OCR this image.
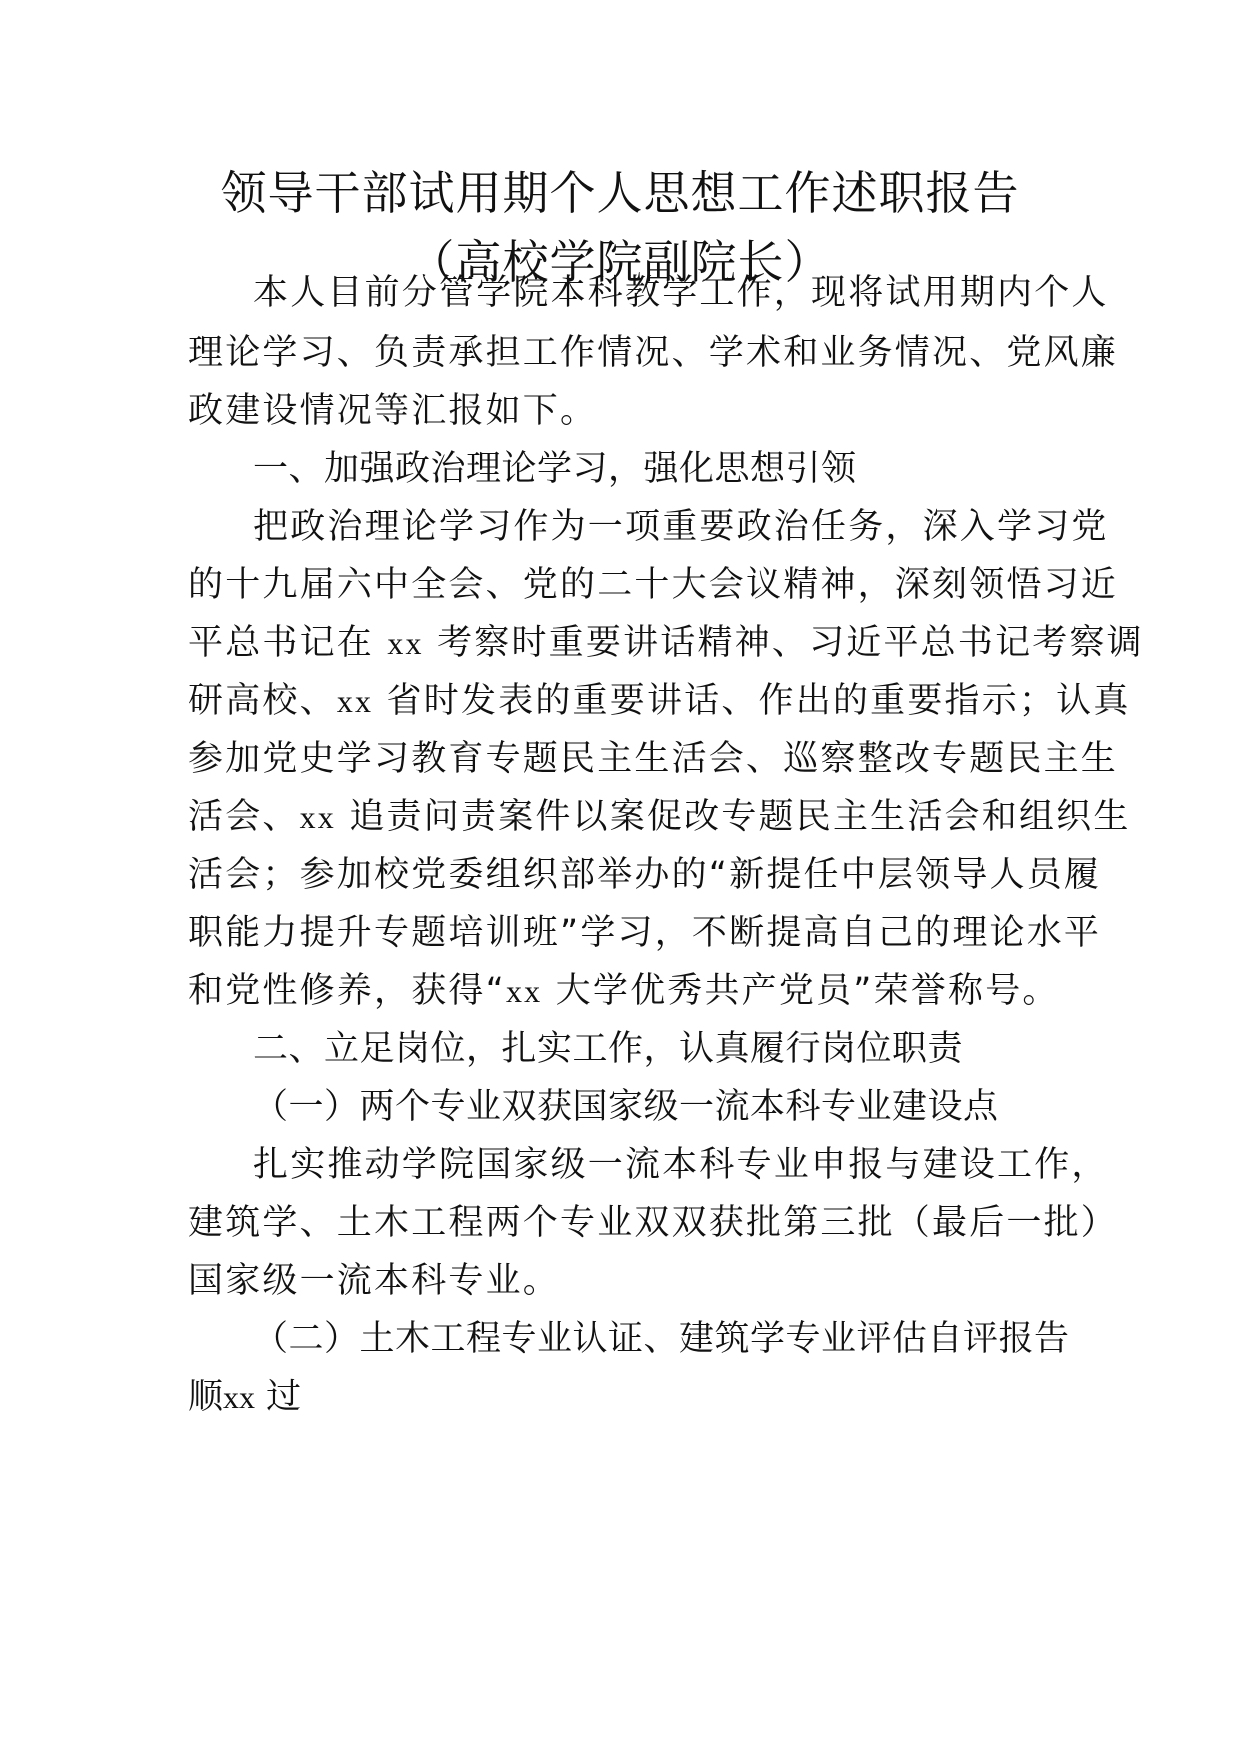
领导干部试用期个人思想工作述职报告
（高校学院副院长）
本人目前分管学院本科教学工作，现将试用期内个人
理论学习、负责承担工作情况、学术和业务情况、党风廉
政建设情况等汇报如下。
一、加强政治理论学习，强化思想引领
把政治理论学习作为一项重要政治任务，深入学习党
的十九届六中全会、党的二十大会议精神，深刻领悟习近
平总书记在 xx 考察时重要讲话精神、习近平总书记考察调
研高校、xx 省时发表的重要讲话、作出的重要指示；认真
参加党史学习教育专题民主生活会、巡察整改专题民主生
活会、xx 追责问责案件以案促改专题民主生活会和组织生
活会；参加校党委组织部举办的“新提任中层领导人员履
职能力提升专题培训班”学习，不断提高自己的理论水平
和党性修养，获得“xx 大学优秀共产党员”荣誉称号。
二、立足岗位，扎实工作，认真履行岗位职责
（一）两个专业双获国家级一流本科专业建设点
扎实推动学院国家级一流本科专业申报与建设工作，
建筑学、土木工程两个专业双双获批第三批（最后一批）
国家级一流本科专业。
（二）土木工程专业认证、建筑学专业评估自评报告
顺xx 过
